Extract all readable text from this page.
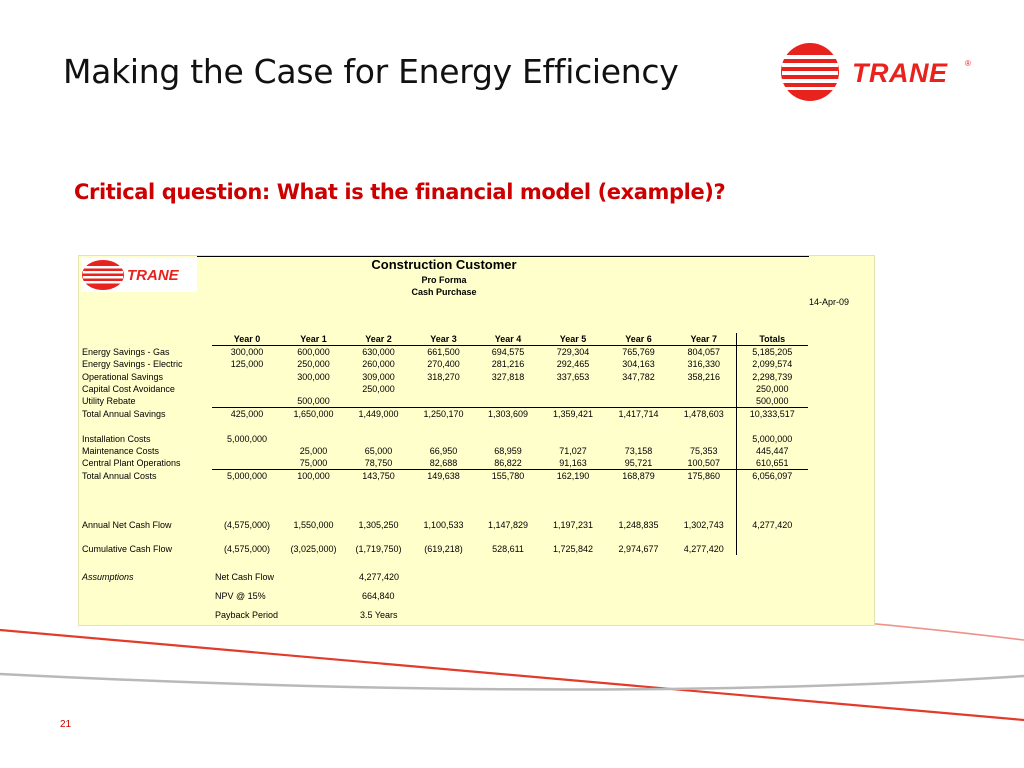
Making the Case for Energy Efficiency	TRANE ®
Critical question: What is the financial model (example)?
TRANE
Construction Customer
Pro Forma
Cash Purchase
14-Apr-09
	Year 0	Year 1	Year 2	Year 3	Year 4	Year 5	Year 6	Year 7	Totals
Energy Savings - Gas	300,000	600,000	630,000	661,500	694,575	729,304	765,769	804,057	5,185,205
Energy Savings - Electric	125,000	250,000	260,000	270,400	281,216	292,465	304,163	316,330	2,099,574
Operational Savings		300,000	309,000	318,270	327,818	337,653	347,782	358,216	2,298,739
Capital Cost Avoidance			250,000						250,000
Utility Rebate		500,000							500,000
Total Annual Savings	425,000	1,650,000	1,449,000	1,250,170	1,303,609	1,359,421	1,417,714	1,478,603	10,333,517

Installation Costs	5,000,000								5,000,000
Maintenance Costs		25,000	65,000	66,950	68,959	71,027	73,158	75,353	445,447
Central Plant Operations		75,000	78,750	82,688	86,822	91,163	95,721	100,507	610,651
Total Annual Costs	5,000,000	100,000	143,750	149,638	155,780	162,190	168,879	175,860	6,056,097

Annual Net Cash Flow	(4,575,000)	1,550,000	1,305,250	1,100,533	1,147,829	1,197,231	1,248,835	1,302,743	4,277,420

Cumulative Cash Flow	(4,575,000)	(3,025,000)	(1,719,750)	(619,218)	528,611	1,725,842	2,974,677	4,277,420	
Assumptions	Net Cash Flow	4,277,420
NPV @ 15%	664,840
Payback Period	3.5 Years
21
